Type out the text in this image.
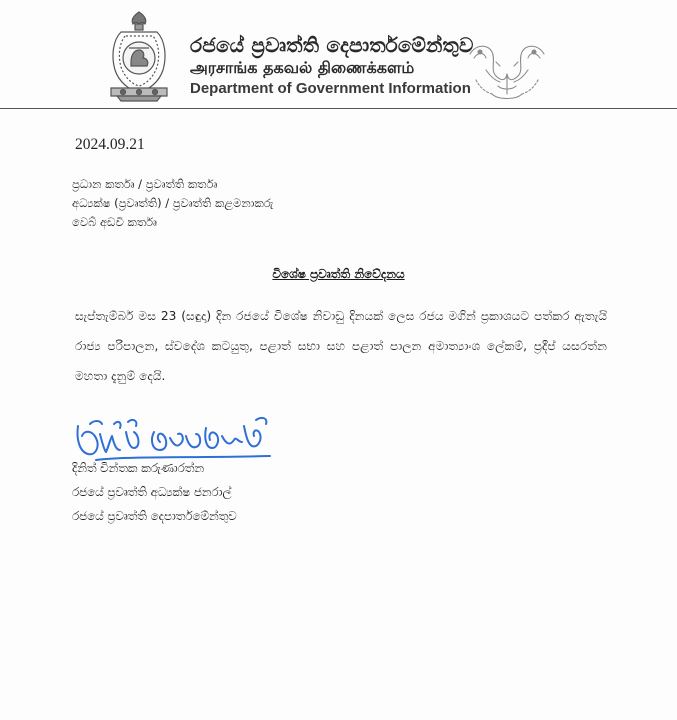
රජයේ ප්‍රවෘත්ති දෙපාර්තමේන්තුව
அரசாங்க தகவல் திணைக்களம்
Department of Government Information
2024.09.21
ප්‍රධාන කර්තෘ / ප්‍රවෘත්ති කර්තෘ
අධ්‍යක්ෂ (ප්‍රවෘත්ති) / ප්‍රවෘත්ති කළමනාකරු
වෙබ් අඩවි කර්තෘ
විශේෂ ප්‍රවෘත්ති නිවේදනය

සැප්තැම්බර් මස 23 (සඳුදා) දින රජයේ විශේෂ නිවාඩු දිනයක් ලෙස රජය මගින් ප්‍රකාශයට පත්කර ඇතැයි රාජ්‍ය පරිපාලන, ස්වදේශ කටයුතු, පළාත් සභා සහ පළාත් පාලන අමාත්‍යාංශ ලේකම්, ප්‍රදීප් යසරත්න මහතා දැනුම් දෙයි.

දිනිත් චින්තක කරුණාරත්න
රජයේ ප්‍රවෘත්ති අධ්‍යක්ෂ ජනරාල්
රජයේ ප්‍රවෘත්ති දෙපාර්තමේන්තුව
